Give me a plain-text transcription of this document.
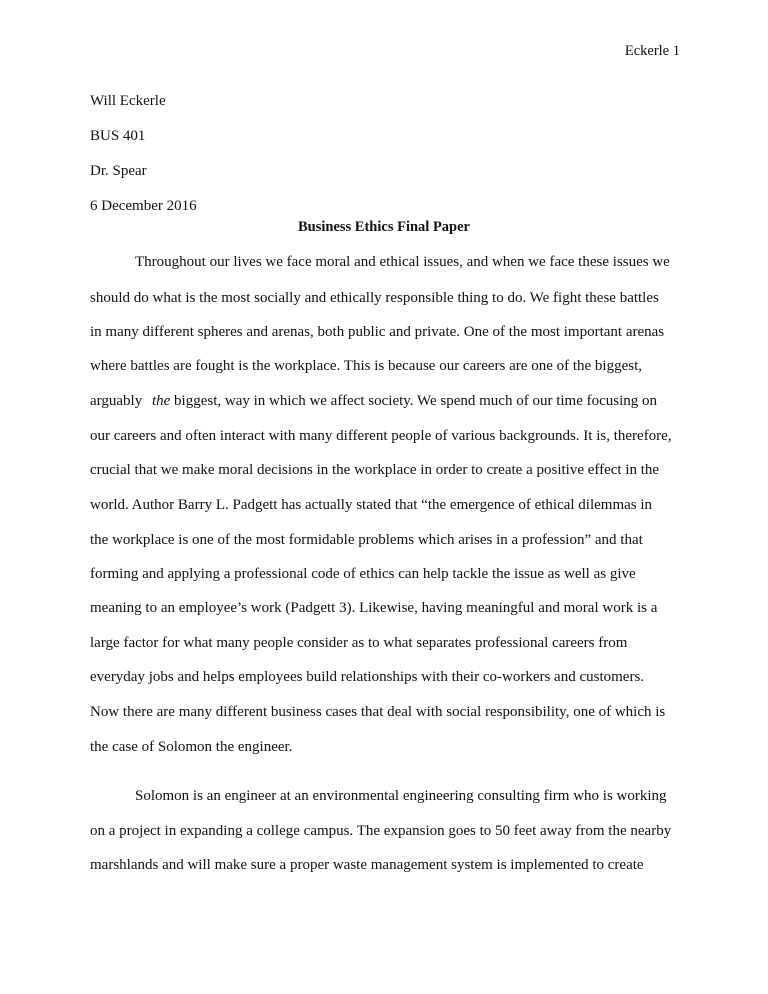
Eckerle 1
Will Eckerle
BUS 401
Dr. Spear
6 December 2016
Business Ethics Final Paper
Throughout our lives we face moral and ethical issues, and when we face these issues we
should do what is the most socially and ethically responsible thing to do. We fight these battles
in many different spheres and arenas, both public and private. One of the most important arenas
where battles are fought is the workplace. This is because our careers are one of the biggest,
arguably the biggest, way in which we affect society. We spend much of our time focusing on
our careers and often interact with many different people of various backgrounds. It is, therefore,
crucial that we make moral decisions in the workplace in order to create a positive effect in the
world. Author Barry L. Padgett has actually stated that “the emergence of ethical dilemmas in
the workplace is one of the most formidable problems which arises in a profession” and that
forming and applying a professional code of ethics can help tackle the issue as well as give
meaning to an employee’s work (Padgett 3). Likewise, having meaningful and moral work is a
large factor for what many people consider as to what separates professional careers from
everyday jobs and helps employees build relationships with their co-workers and customers.
Now there are many different business cases that deal with social responsibility, one of which is
the case of Solomon the engineer.
Solomon is an engineer at an environmental engineering consulting firm who is working
on a project in expanding a college campus. The expansion goes to 50 feet away from the nearby
marshlands and will make sure a proper waste management system is implemented to create
